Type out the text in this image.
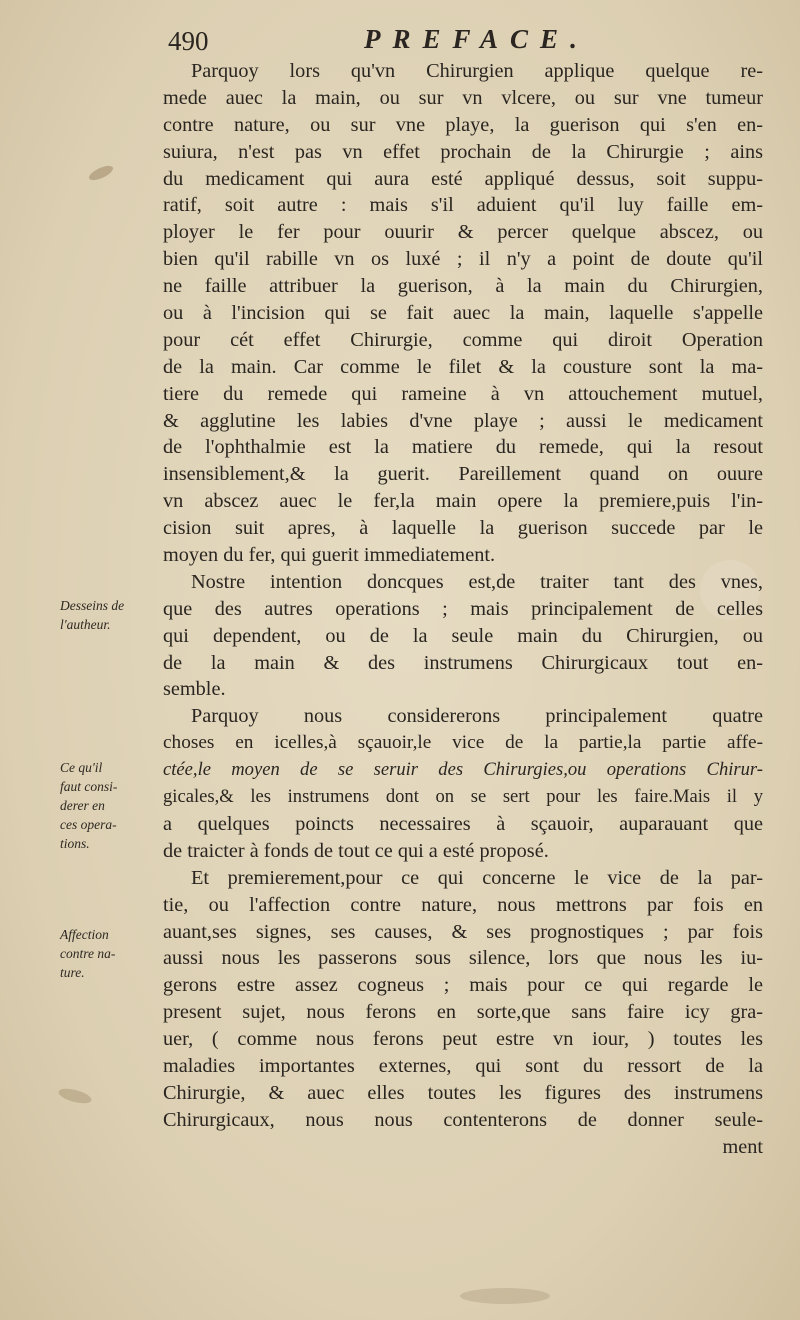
490	PREFACE.
Desseins de
l'autheur.
Ce qu'il
faut consi-
derer en
ces opera-
tions.
Affection
contre na-
ture.
Parquoy lors qu'vn Chirurgien applique quelque re-
mede auec la main, ou sur vn vlcere, ou sur vne tumeur
contre nature, ou sur vne playe, la guerison qui s'en en-
suiura, n'est pas vn effet prochain de la Chirurgie ; ains
du medicament qui aura esté appliqué dessus, soit suppu-
ratif, soit autre : mais s'il aduient qu'il luy faille em-
ployer le fer pour ouurir & percer quelque abscez, ou
bien qu'il rabille vn os luxé ; il n'y a point de doute qu'il
ne faille attribuer la guerison, à la main du Chirurgien,
ou à l'incision qui se fait auec la main, laquelle s'appelle
pour cét effet Chirurgie, comme qui diroit Operation
de la main. Car comme le filet & la cousture sont la ma-
tiere du remede qui rameine à vn attouchement mutuel,
& agglutine les labies d'vne playe ; aussi le medicament
de l'ophthalmie est la matiere du remede, qui la resout
insensiblement,& la guerit. Pareillement quand on ouure
vn abscez auec le fer,la main opere la premiere,puis l'in-
cision suit apres, à laquelle la guerison succede par le
moyen du fer, qui guerit immediatement.
Nostre intention doncques est,de traiter tant des vnes,
que des autres operations ; mais principalement de celles
qui dependent, ou de la seule main du Chirurgien, ou
de la main & des instrumens Chirurgicaux tout en-
semble.
Parquoy nous considererons principalement quatre
choses en icelles,à sçauoir,le vice de la partie,la partie affe-
ctée,le moyen de se seruir des Chirurgies,ou operations Chirur-
gicales,& les instrumens dont on se sert pour les faire.Mais il y
a quelques poincts necessaires à sçauoir, auparauant que
de traicter à fonds de tout ce qui a esté proposé.
Et premierement,pour ce qui concerne le vice de la par-
tie, ou l'affection contre nature, nous mettrons par fois en
auant,ses signes, ses causes, & ses prognostiques ; par fois
aussi nous les passerons sous silence, lors que nous les iu-
gerons estre assez cogneus ; mais pour ce qui regarde le
present sujet, nous ferons en sorte,que sans faire icy gra-
uer, ( comme nous ferons peut estre vn iour, ) toutes les
maladies importantes externes, qui sont du ressort de la
Chirurgie, & auec elles toutes les figures des instrumens
Chirurgicaux, nous nous contenterons de donner seule-
ment
